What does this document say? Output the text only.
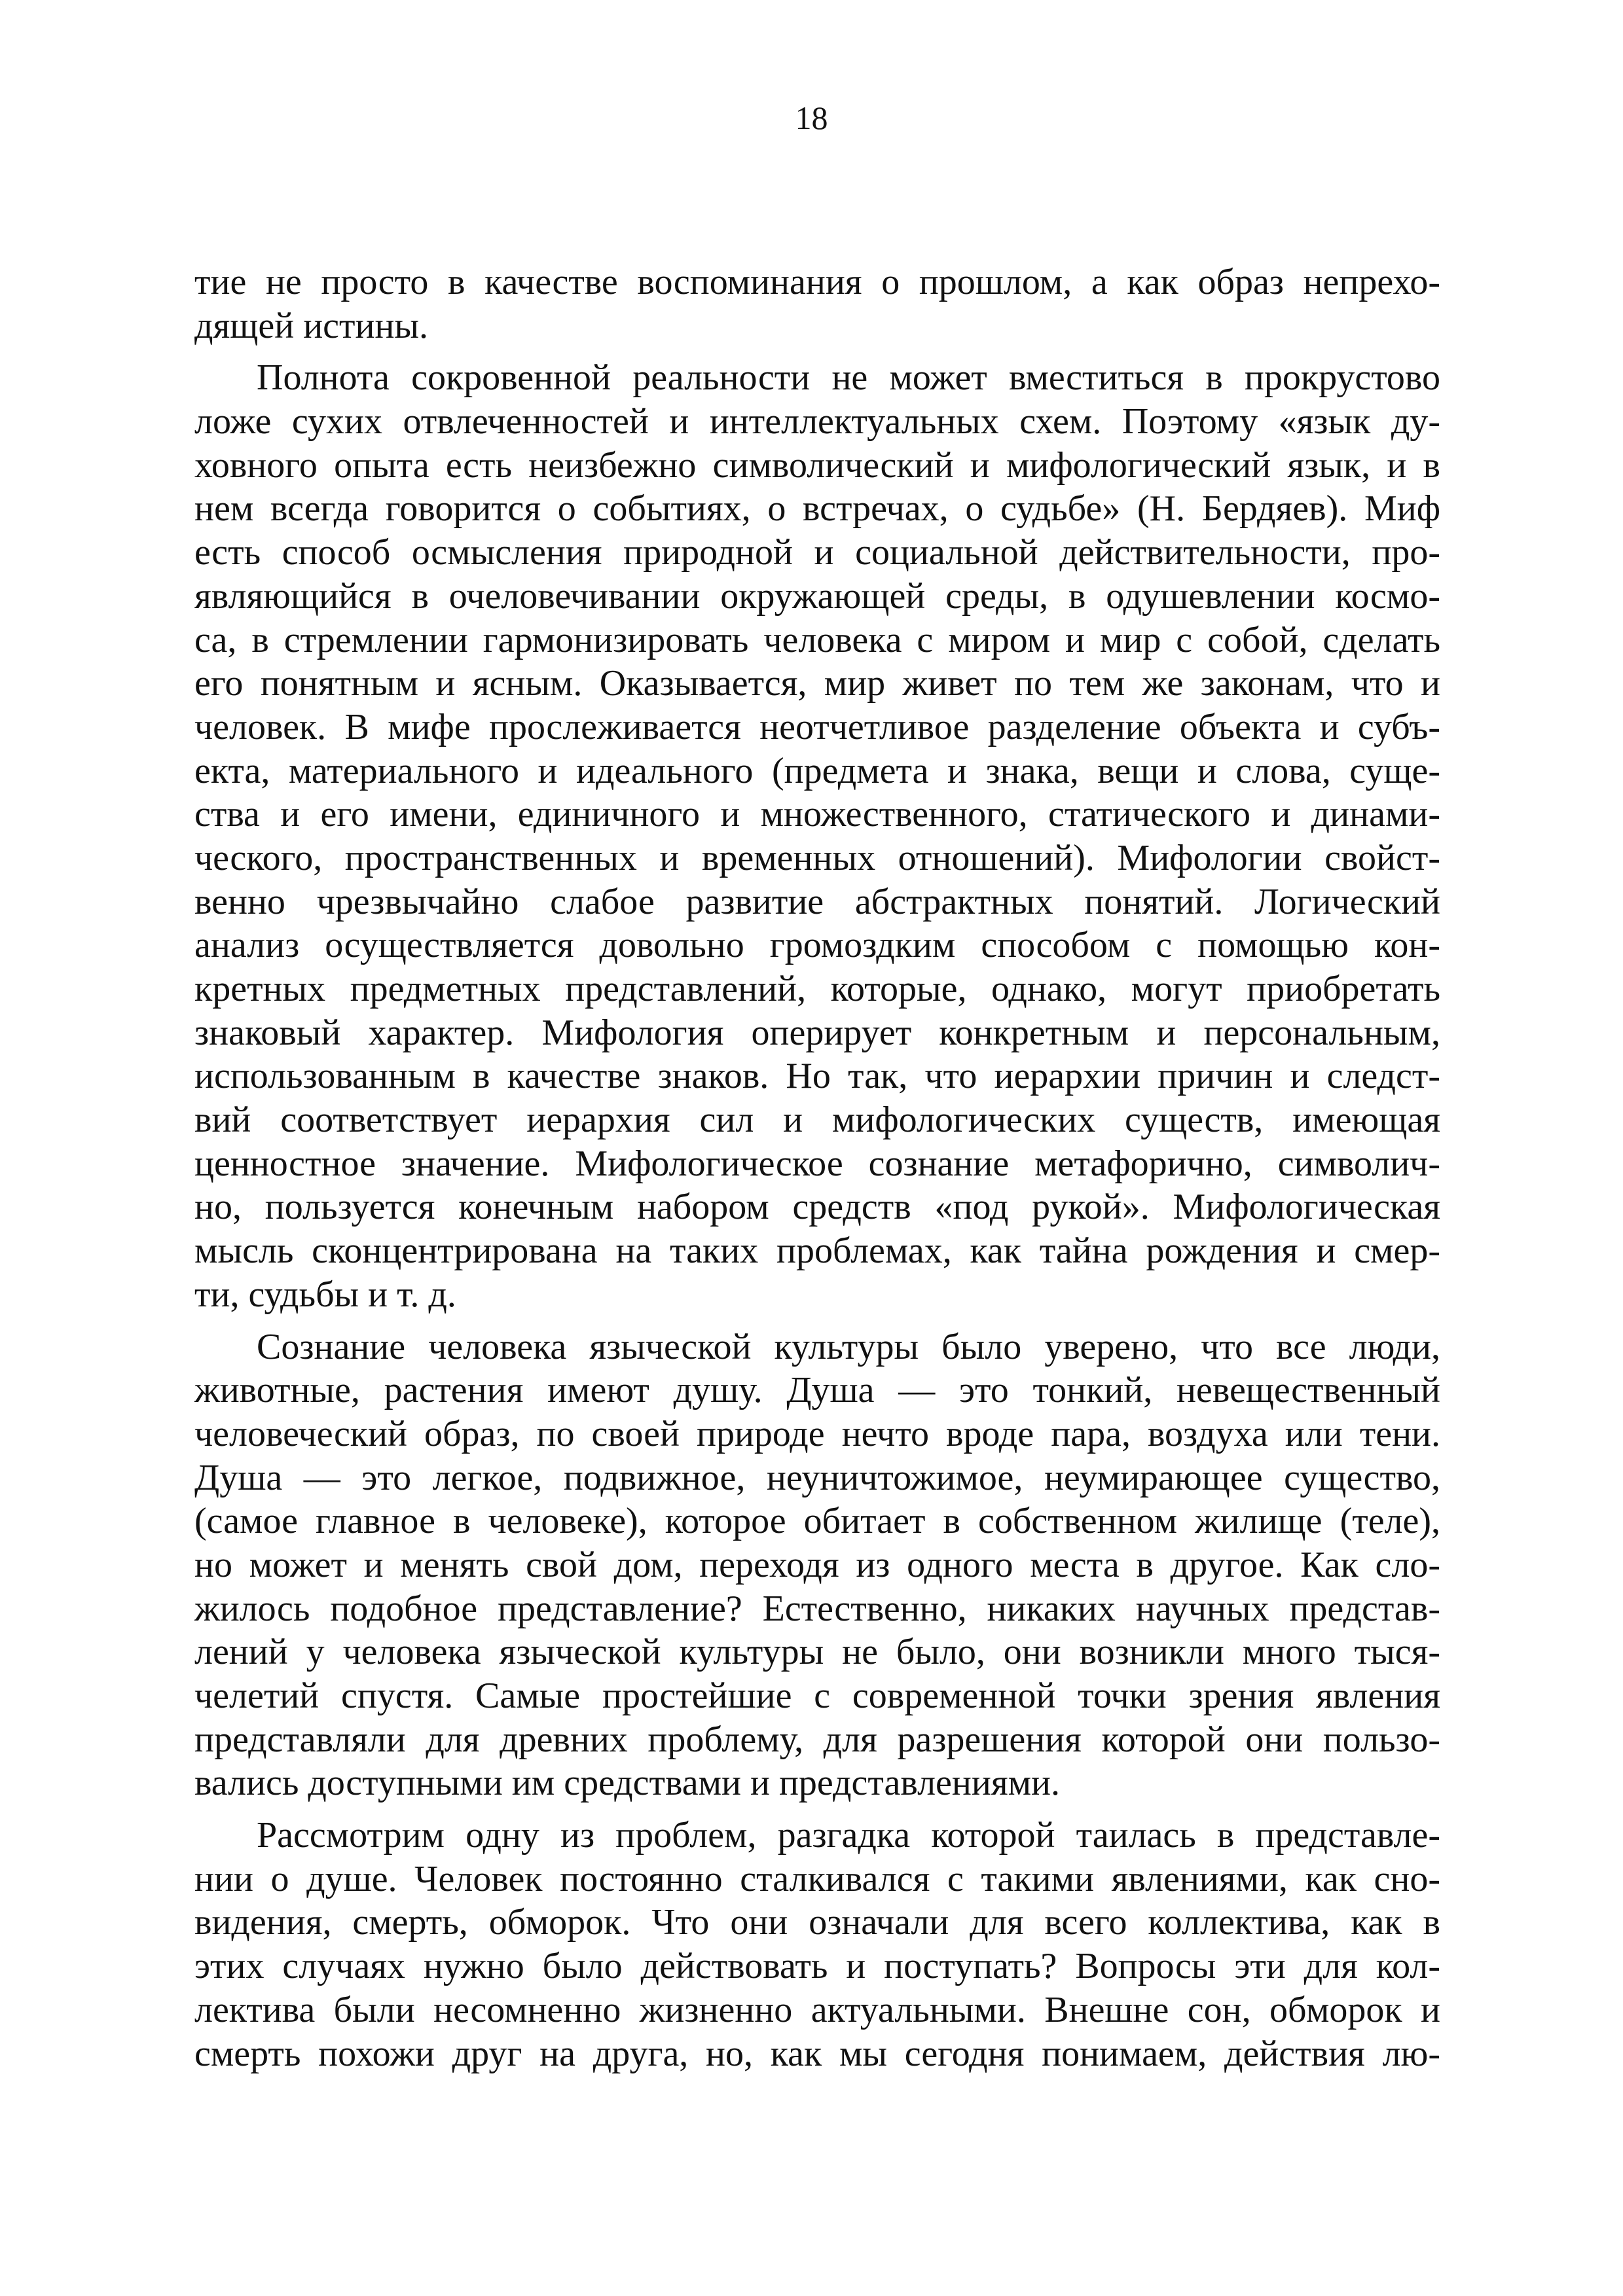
18

тие не просто в качестве воспоминания о прошлом, а как образ непрехо-
дящей истины.

Полнота сокровенной реальности не может вместиться в прокрустово
ложе сухих отвлеченностей и интеллектуальных схем. Поэтому «язык ду-
ховного опыта есть неизбежно символический и мифологический язык, и в
нем всегда говорится о событиях, о встречах, о судьбе» (Н. Бердяев). Миф
есть способ осмысления природной и социальной действительности, про-
являющийся в очеловечивании окружающей среды, в одушевлении космо-
са, в стремлении гармонизировать человека с миром и мир с собой, сделать
его понятным и ясным. Оказывается, мир живет по тем же законам, что и
человек. В мифе прослеживается неотчетливое разделение объекта и субъ-
екта, материального и идеального (предмета и знака, вещи и слова, суще-
ства и его имени, единичного и множественного, статического и динами-
ческого, пространственных и временных отношений). Мифологии свойст-
венно чрезвычайно слабое развитие абстрактных понятий. Логический
анализ осуществляется довольно громоздким способом с помощью кон-
кретных предметных представлений, которые, однако, могут приобретать
знаковый характер. Мифология оперирует конкретным и персональным,
использованным в качестве знаков. Но так, что иерархии причин и следст-
вий соответствует иерархия сил и мифологических существ, имеющая
ценностное значение. Мифологическое сознание метафорично, символич-
но, пользуется конечным набором средств «под рукой». Мифологическая
мысль сконцентрирована на таких проблемах, как тайна рождения и смер-
ти, судьбы и т. д.

Сознание человека языческой культуры было уверено, что все люди,
животные, растения имеют душу. Душа — это тонкий, невещественный
человеческий образ, по своей природе нечто вроде пара, воздуха или тени.
Душа — это легкое, подвижное, неуничтожимое, неумирающее существо,
(самое главное в человеке), которое обитает в собственном жилище (теле),
но может и менять свой дом, переходя из одного места в другое. Как сло-
жилось подобное представление? Естественно, никаких научных представ-
лений у человека языческой культуры не было, они возникли много тыся-
челетий спустя. Самые простейшие с современной точки зрения явления
представляли для древних проблему, для разрешения которой они пользо-
вались доступными им средствами и представлениями.

Рассмотрим одну из проблем, разгадка которой таилась в представле-
нии о душе. Человек постоянно сталкивался с такими явлениями, как сно-
видения, смерть, обморок. Что они означали для всего коллектива, как в
этих случаях нужно было действовать и поступать? Вопросы эти для кол-
лектива были несомненно жизненно актуальными. Внешне сон, обморок и
смерть похожи друг на друга, но, как мы сегодня понимаем, действия лю-
